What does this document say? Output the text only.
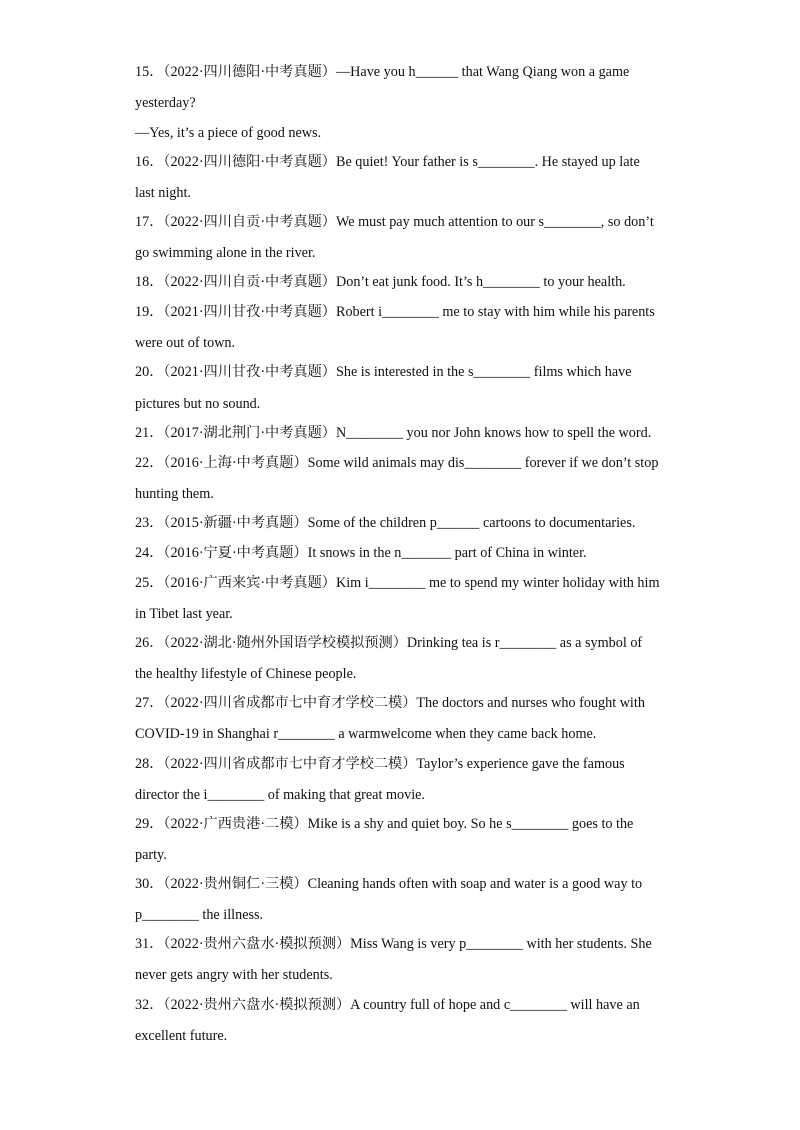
15．（2022·四川德阳·中考真题）—Have you h______ that Wang Qiang won a game
yesterday?
—Yes, it’s a piece of good news.
16．（2022·四川德阳·中考真题）Be quiet! Your father is s________. He stayed up late
last night.
17．（2022·四川自贡·中考真题）We must pay much attention to our s________, so don’t
go swimming alone in the river.
18．（2022·四川自贡·中考真题）Don’t eat junk food. It’s h________ to your health.
19．（2021·四川甘孜·中考真题）Robert i________ me to stay with him while his parents
were out of town.
20．（2021·四川甘孜·中考真题）She is interested in the s________ films which have
pictures but no sound.
21．（2017·湖北荆门·中考真题）N________ you nor John knows how to spell the word.
22．（2016·上海·中考真题）Some wild animals may dis________ forever if we don’t stop
hunting them.
23．（2015·新疆·中考真题）Some of the children p______ cartoons to documentaries.
24．（2016·宁夏·中考真题）It snows in the n_______ part of China in winter.
25．（2016·广西来宾·中考真题）Kim i________ me to spend my winter holiday with him
in Tibet last year.
26．（2022·湖北·随州外国语学校模拟预测）Drinking tea is r________ as a symbol of
the healthy lifestyle of Chinese people.
27．（2022·四川省成都市七中育才学校二模）The doctors and nurses who fought with
COVID-19 in Shanghai r________ a warmwelcome when they came back home.
28．（2022·四川省成都市七中育才学校二模）Taylor’s experience gave the famous
director the i________ of making that great movie.
29．（2022·广西贵港·二模）Mike is a shy and quiet boy. So he s________ goes to the
party.
30．（2022·贵州铜仁·三模）Cleaning hands often with soap and water is a good way to
p________ the illness.
31．（2022·贵州六盘水·模拟预测）Miss Wang is very p________ with her students. She
never gets angry with her students.
32．（2022·贵州六盘水·模拟预测）A country full of hope and c________ will have an
excellent future.
